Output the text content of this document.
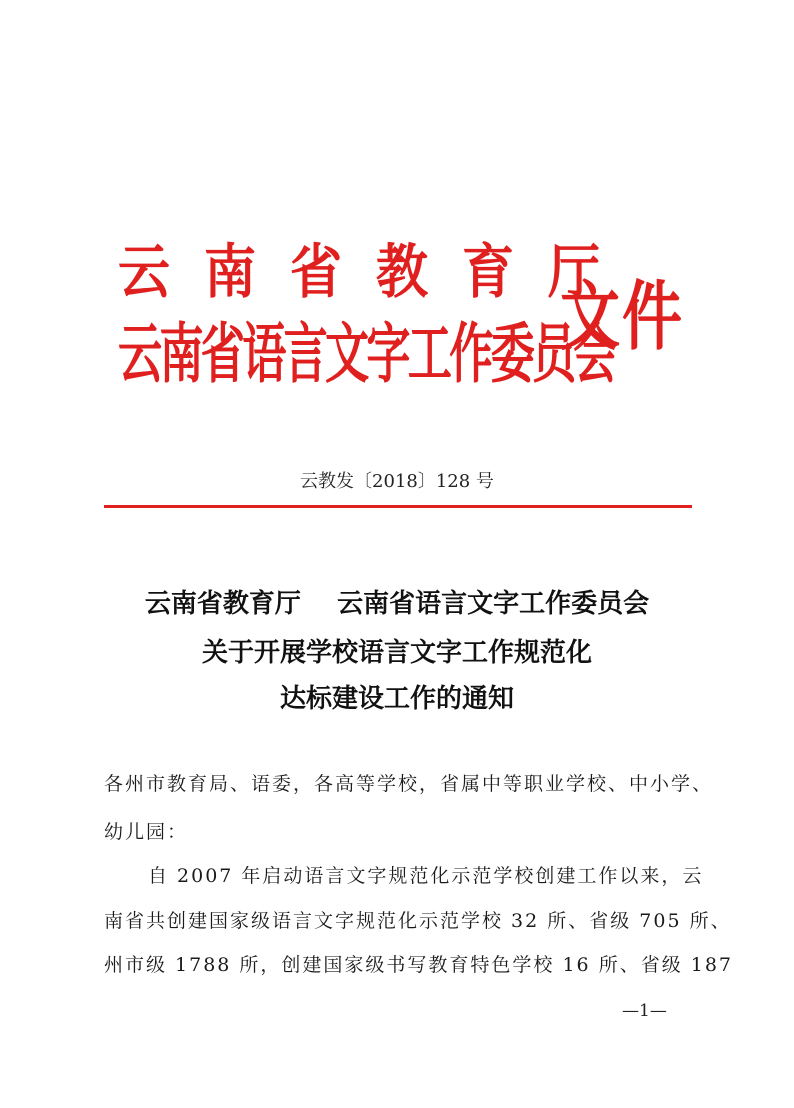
云南省教育厅
云南省语言文字工作委员会
文件
云教发〔2018〕128 号
云南省教育厅    云南省语言文字工作委员会
关于开展学校语言文字工作规范化
达标建设工作的通知
各州市教育局、语委，各高等学校，省属中等职业学校、中小学、
幼儿园：
自 2007 年启动语言文字规范化示范学校创建工作以来，云
南省共创建国家级语言文字规范化示范学校 32 所、省级 705 所、
州市级 1788 所，创建国家级书写教育特色学校 16 所、省级 187
—1—
